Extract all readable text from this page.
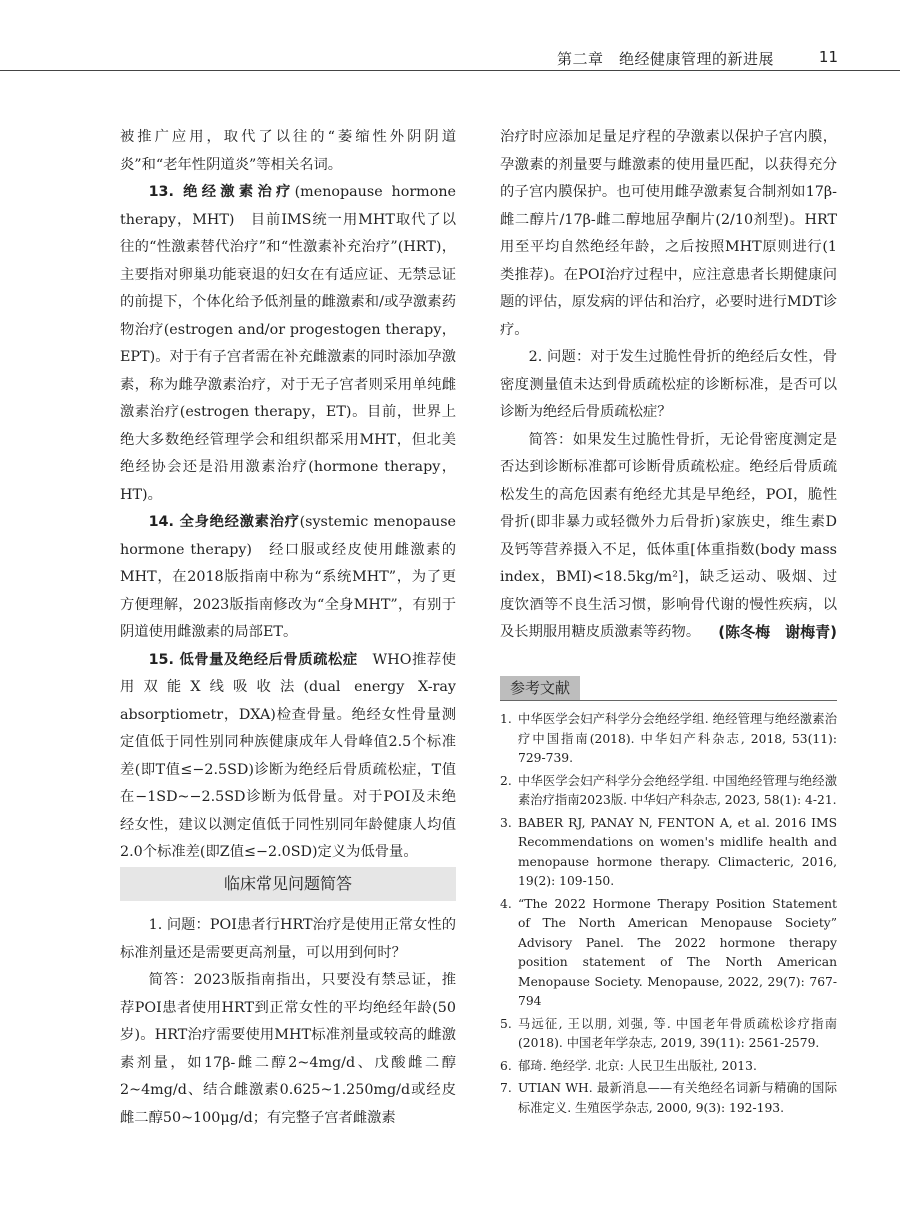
第二章　绝经健康管理的新进展	11

被推广应用，取代了以往的“萎缩性外阴阴道炎”和“老年性阴道炎”等相关名词。

13. 绝经激素治疗(menopause hormone therapy，MHT)　目前IMS统一用MHT取代了以往的“性激素替代治疗”和“性激素补充治疗”(HRT)，主要指对卵巢功能衰退的妇女在有适应证、无禁忌证的前提下，个体化给予低剂量的雌激素和/或孕激素药物治疗(estrogen and/or progestogen therapy，EPT)。对于有子宫者需在补充雌激素的同时添加孕激素，称为雌孕激素治疗，对于无子宫者则采用单纯雌激素治疗(estrogen therapy，ET)。目前，世界上绝大多数绝经管理学会和组织都采用MHT，但北美绝经协会还是沿用激素治疗(hormone therapy，HT)。

14. 全身绝经激素治疗(systemic menopause hormone therapy)　经口服或经皮使用雌激素的MHT，在2018版指南中称为“系统MHT”，为了更方便理解，2023版指南修改为“全身MHT”，有别于阴道使用雌激素的局部ET。

15. 低骨量及绝经后骨质疏松症　WHO推荐使用双能X线吸收法(dual energy X-ray absorptiometr，DXA)检查骨量。绝经女性骨量测定值低于同性别同种族健康成年人骨峰值2.5个标准差(即T值≤−2.5SD)诊断为绝经后骨质疏松症，T值在−1SD~−2.5SD诊断为低骨量。对于POI及未绝经女性，建议以测定值低于同性别同年龄健康人均值2.0个标准差(即Z值≤−2.0SD)定义为低骨量。

临床常见问题简答

1. 问题：POI患者行HRT治疗是使用正常女性的标准剂量还是需要更高剂量，可以用到何时？

简答：2023版指南指出，只要没有禁忌证，推荐POI患者使用HRT到正常女性的平均绝经年龄(50岁)。HRT治疗需要使用MHT标准剂量或较高的雌激素剂量，如17β-雌二醇2~4mg/d、戊酸雌二醇2~4mg/d、结合雌激素0.625~1.250mg/d或经皮雌二醇50~100μg/d；有完整子宫者雌激素

治疗时应添加足量足疗程的孕激素以保护子宫内膜，孕激素的剂量要与雌激素的使用量匹配，以获得充分的子宫内膜保护。也可使用雌孕激素复合制剂如17β-雌二醇片/17β-雌二醇地屈孕酮片(2/10剂型)。HRT用至平均自然绝经年龄，之后按照MHT原则进行(1类推荐)。在POI治疗过程中，应注意患者长期健康问题的评估，原发病的评估和治疗，必要时进行MDT诊疗。

2. 问题：对于发生过脆性骨折的绝经后女性，骨密度测量值未达到骨质疏松症的诊断标准，是否可以诊断为绝经后骨质疏松症？

简答：如果发生过脆性骨折，无论骨密度测定是否达到诊断标准都可诊断骨质疏松症。绝经后骨质疏松发生的高危因素有绝经尤其是早绝经，POI，脆性骨折(即非暴力或轻微外力后骨折)家族史，维生素D及钙等营养摄入不足，低体重[体重指数(body mass index，BMI)<18.5kg/m²]，缺乏运动、吸烟、过度饮酒等不良生活习惯，影响骨代谢的慢性疾病，以及长期服用糖皮质激素等药物。	(陈冬梅　谢梅青)
参考文献
1. 中华医学会妇产科学分会绝经学组. 绝经管理与绝经激素治疗中国指南(2018). 中华妇产科杂志, 2018, 53(11): 729-739.
2. 中华医学会妇产科学分会绝经学组. 中国绝经管理与绝经激素治疗指南2023版. 中华妇产科杂志, 2023, 58(1): 4-21.
3. BABER RJ, PANAY N, FENTON A, et al. 2016 IMS Recommendations on women's midlife health and menopause hormone therapy. Climacteric, 2016, 19(2): 109-150.
4. “The 2022 Hormone Therapy Position Statement of The North American Menopause Society” Advisory Panel. The 2022 hormone therapy position statement of The North American Menopause Society. Menopause, 2022, 29(7): 767-794
5. 马远征, 王以朋, 刘强, 等. 中国老年骨质疏松诊疗指南(2018). 中国老年学杂志, 2019, 39(11): 2561-2579.
6. 郁琦. 绝经学. 北京: 人民卫生出版社, 2013.
7. UTIAN WH. 最新消息——有关绝经名词新与精确的国际标准定义. 生殖医学杂志, 2000, 9(3): 192-193.
